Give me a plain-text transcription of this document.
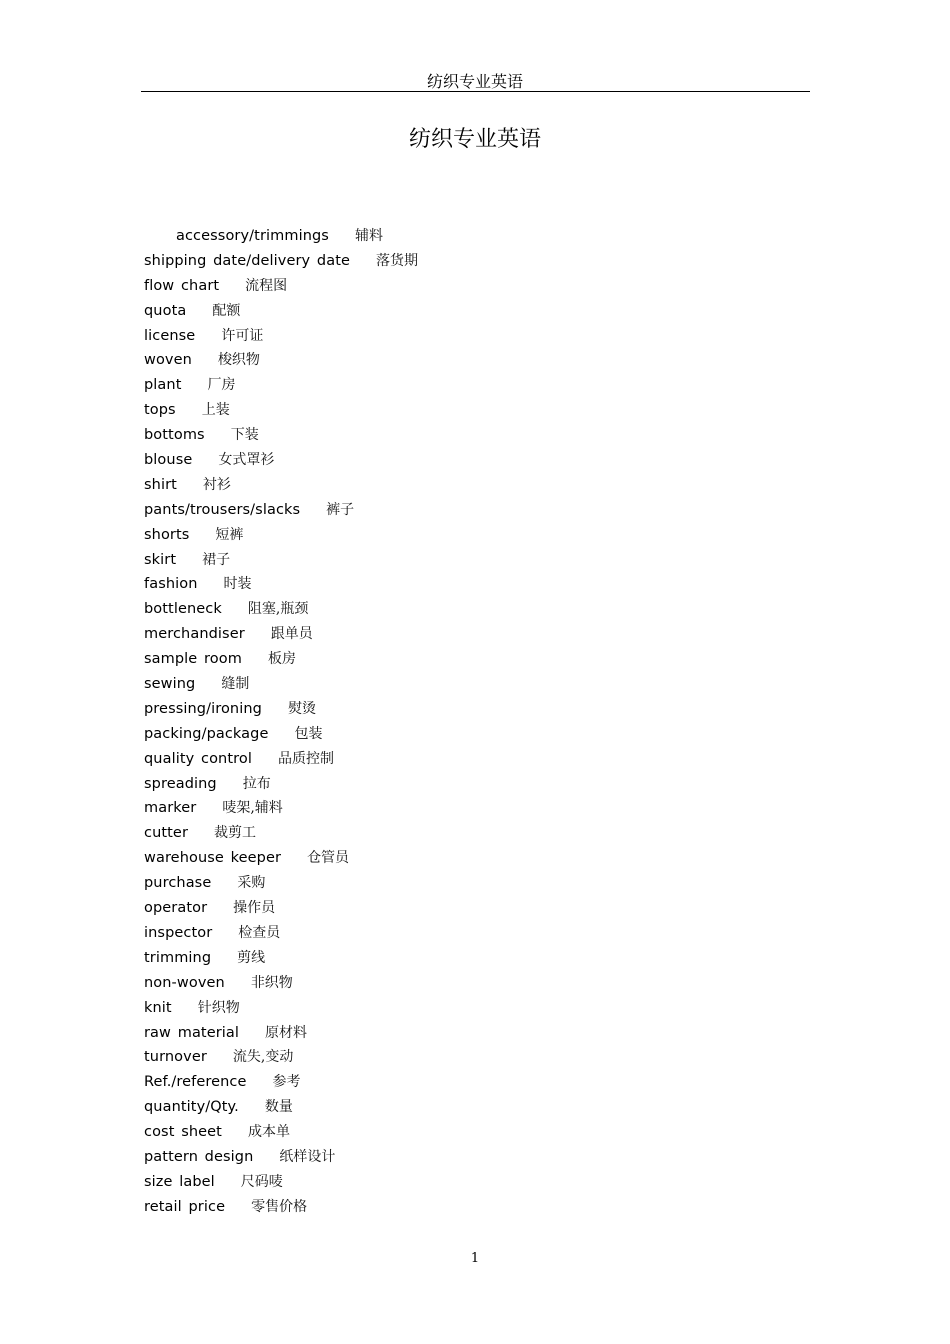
纺织专业英语
纺织专业英语
accessory/trimmings 辅料
shipping date/delivery date 落货期
flow chart 流程图
quota 配额
license 许可证
woven 梭织物
plant 厂房
tops 上装
bottoms 下装
blouse 女式罩衫
shirt 衬衫
pants/trousers/slacks 裤子
shorts 短裤
skirt 裙子
fashion 时装
bottleneck 阻塞,瓶颈
merchandiser 跟单员
sample room 板房
sewing 缝制
pressing/ironing 熨烫
packing/package 包装
quality control 品质控制
spreading 拉布
marker 唛架,辅料
cutter 裁剪工
warehouse keeper 仓管员
purchase 采购
operator 操作员
inspector 检查员
trimming 剪线
non-woven 非织物
knit 针织物
raw material 原材料
turnover 流失,变动
Ref./reference 参考
quantity/Qty. 数量
cost sheet 成本单
pattern design 纸样设计
size label 尺码唛
retail price 零售价格
1
